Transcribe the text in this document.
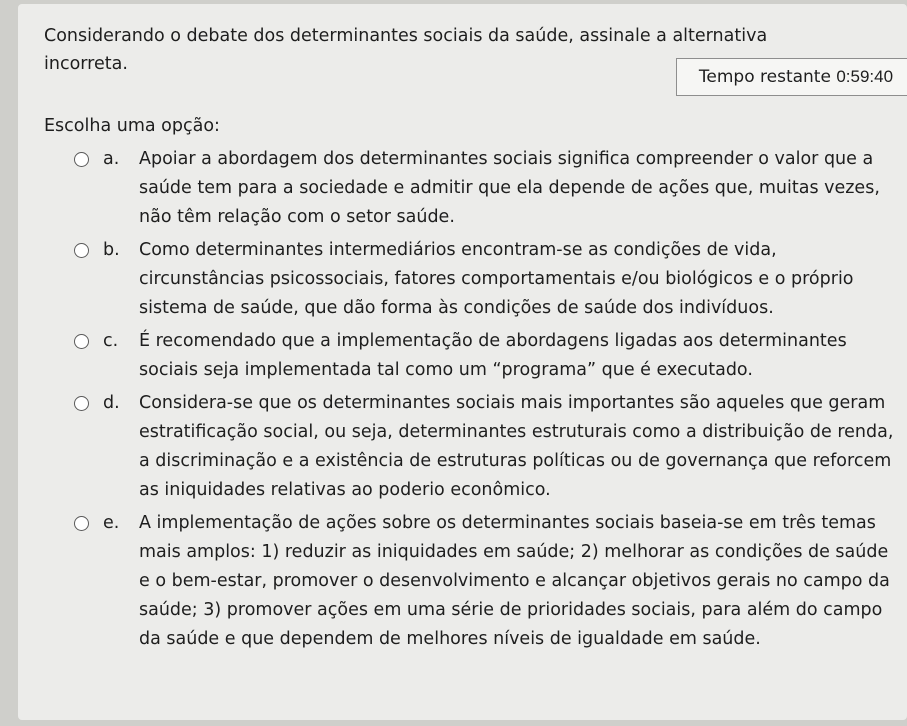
Considerando o debate dos determinantes sociais da saúde, assinale a alternativa incorreta.
Tempo restante 0:59:40
Escolha uma opção:
a. Apoiar a abordagem dos determinantes sociais significa compreender o valor que a saúde tem para a sociedade e admitir que ela depende de ações que, muitas vezes, não têm relação com o setor saúde.
b. Como determinantes intermediários encontram-se as condições de vida, circunstâncias psicossociais, fatores comportamentais e/ou biológicos e o próprio sistema de saúde, que dão forma às condições de saúde dos indivíduos.
c. É recomendado que a implementação de abordagens ligadas aos determinantes sociais seja implementada tal como um “programa” que é executado.
d. Considera-se que os determinantes sociais mais importantes são aqueles que geram estratificação social, ou seja, determinantes estruturais como a distribuição de renda, a discriminação e a existência de estruturas políticas ou de governança que reforcem as iniquidades relativas ao poderio econômico.
e. A implementação de ações sobre os determinantes sociais baseia-se em três temas mais amplos: 1) reduzir as iniquidades em saúde; 2) melhorar as condições de saúde e o bem-estar, promover o desenvolvimento e alcançar objetivos gerais no campo da saúde; 3) promover ações em uma série de prioridades sociais, para além do campo da saúde e que dependem de melhores níveis de igualdade em saúde.
